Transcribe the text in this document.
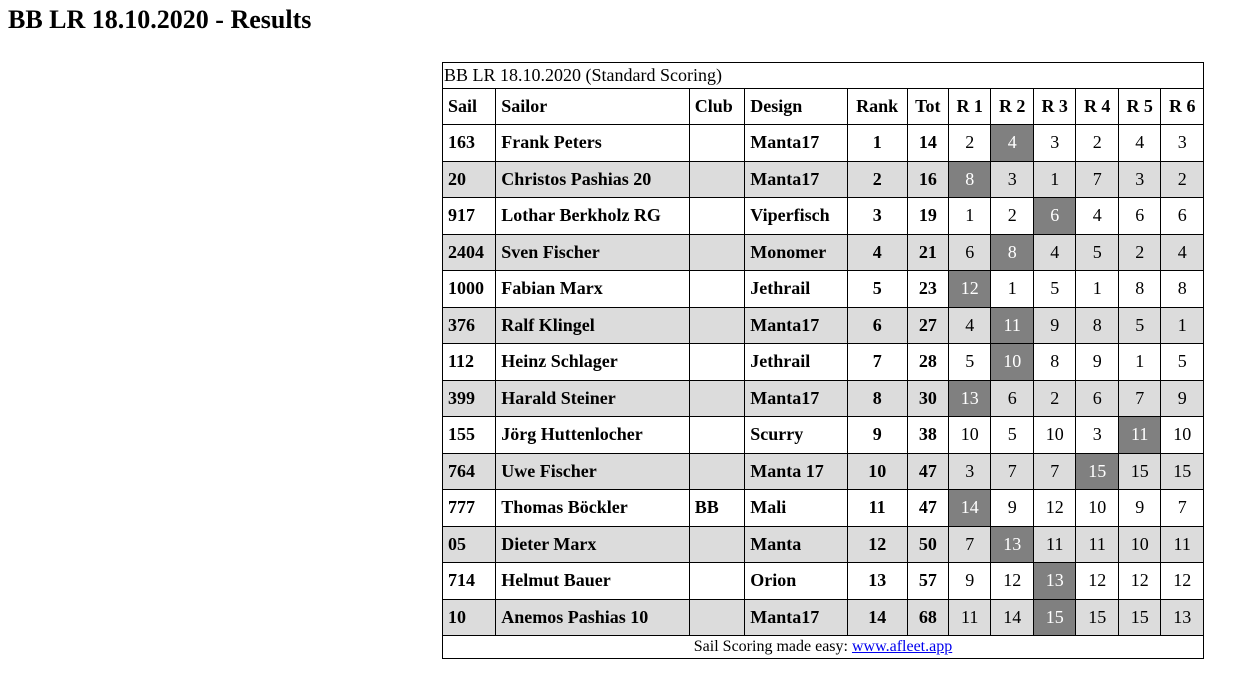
BB LR 18.10.2020 - Results
BB LR 18.10.2020 (Standard Scoring)											
Sail	Sailor	Club	Design	Rank	Tot	R 1	R 2	R 3	R 4	R 5	R 6
163	Frank Peters		Manta17	1	14	2	4	3	2	4	3
20	Christos Pashias 20		Manta17	2	16	8	3	1	7	3	2
917	Lothar Berkholz RG		Viperfisch	3	19	1	2	6	4	6	6
2404	Sven Fischer		Monomer	4	21	6	8	4	5	2	4
1000	Fabian Marx		Jethrail	5	23	12	1	5	1	8	8
376	Ralf Klingel		Manta17	6	27	4	11	9	8	5	1
112	Heinz Schlager		Jethrail	7	28	5	10	8	9	1	5
399	Harald Steiner		Manta17	8	30	13	6	2	6	7	9
155	Jörg Huttenlocher		Scurry	9	38	10	5	10	3	11	10
764	Uwe Fischer		Manta 17	10	47	3	7	7	15	15	15
777	Thomas Böckler	BB	Mali	11	47	14	9	12	10	9	7
05	Dieter Marx		Manta	12	50	7	13	11	11	10	11
714	Helmut Bauer		Orion	13	57	9	12	13	12	12	12
10	Anemos Pashias 10		Manta17	14	68	11	14	15	15	15	13
Sail Scoring made easy: www.afleet.app											
